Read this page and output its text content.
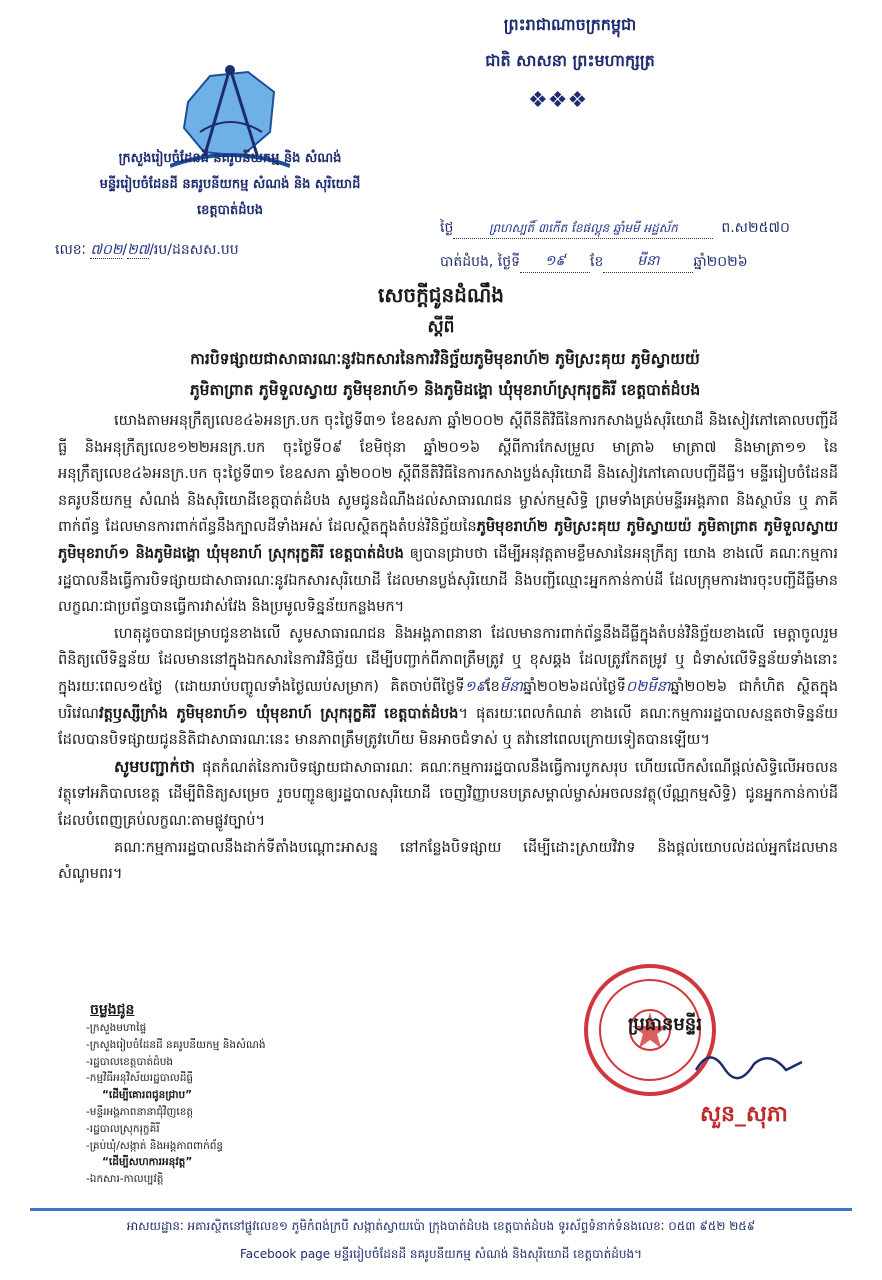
ព្រះរាជាណាចក្រកម្ពុជា
ជាតិ សាសនា ព្រះមហាក្សត្រ
❖❖❖
ក្រសួងរៀបចំដែនដី នគរូបនីយកម្ម និង សំណង់
មន្ទីររៀបចំដែនដី នគរូបនីយកម្ម សំណង់ និង សុរិយោដី
ខេត្តបាត់ដំបង
លេខៈ ៧០២/២៧/រប/ដនសស.បប
ថ្ងៃ	ព្រហស្បតិ៍ ៣កើត ខែផល្គុន ឆ្នាំមមី អដ្ឋស័ក	ព.ស២៥៧០
បាត់ដំបង, ថ្ងៃទី	១៩	ខែ	មីនា	ឆ្នាំ២០២៦
សេចក្តីជូនដំណឹង
ស្តីពី
ការបិទផ្សាយជាសាធារណៈនូវឯកសារនៃការវិនិច្ឆ័យភូមិមុខរាហ៍២ ភូមិស្រះគុយ ភូមិស្វាយយ៉
ភូមិតាព្រាត ភូមិទួលស្វាយ ភូមិមុខរាហ៍១ និងភូមិដង្គោ ឃុំមុខរាហ៍ស្រុករុក្ខគិរី ខេត្តបាត់ដំបង

យោងតាមអនុក្រឹត្យលេខ៤៦អនក្រ.បក ចុះថ្ងៃទី៣១ ខែឧសភា ឆ្នាំ២០០២ ស្តីពីនីតិវិធីនៃការកសាងប្លង់សុរិយោដី និងសៀវភៅគោលបញ្ជីដីធ្លី និងអនុក្រឹត្យលេខ១២២អនក្រ.បក ចុះថ្ងៃទី០៩ ខែមិថុនា ឆ្នាំ២០១៦ ស្តីពីការកែសម្រួល មាត្រា៦ មាត្រា៧ និងមាត្រា១១ នៃអនុក្រឹត្យលេខ៤៦អនក្រ.បក ចុះថ្ងៃទី៣១ ខែឧសភា ឆ្នាំ២០០២ ស្តីពីនីតិវិធីនៃការកសាងប្លង់សុរិយោដី និងសៀវភៅគោលបញ្ជីដីធ្លី។ មន្ទីររៀបចំដែនដី នគរូបនីយកម្ម សំណង់ និងសុរិយោដីខេត្តបាត់ដំបង សូមជូនដំណឹងដល់សាធារណជន ម្ចាស់កម្មសិទ្ធិ ព្រមទាំងគ្រប់មន្ទីរអង្គភាព និងស្ថាប័ន ឬ ភាគីពាក់ព័ន្ធ ដែលមានការពាក់ព័ន្ធនឹងក្បាលដីទាំងអស់ ដែលស្ថិតក្នុងតំបន់វិនិច្ឆ័យនៃភូមិមុខរាហ៍២ ភូមិស្រះគុយ ភូមិស្វាយយ៉ ភូមិតាព្រាត ភូមិទួលស្វាយ ភូមិមុខរាហ៍១ និងភូមិដង្គោ ឃុំមុខរាហ៍ ស្រុករុក្ខគិរី ខេត្តបាត់ដំបង ឲ្យបានជ្រាបថា ដើម្បីអនុវត្តតាមខ្លឹមសារនៃអនុក្រឹត្យ យោង ខាងលើ គណៈកម្មការរដ្ឋបាលនឹងធ្វើការបិទផ្សាយជាសាធារណៈនូវឯកសារសុរិយោដី ដែលមានប្លង់សុរិយោដី និងបញ្ជីឈ្មោះអ្នកកាន់កាប់ដី ដែលក្រុមការងារចុះបញ្ជីដីធ្លីមានលក្ខណៈជាប្រព័ន្ធបានធ្វើការវាស់វែង និងប្រមូលទិន្នន័យកន្លងមក។

ហេតុដូចបានជម្រាបជូនខាងលើ សូមសាធារណជន និងអង្គភាពនានា ដែលមានការពាក់ព័ន្ធនឹងដីធ្លីក្នុងតំបន់វិនិច្ឆ័យខាងលើ មេត្តាចូលរួមពិនិត្យលើទិន្នន័យ ដែលមាននៅក្នុងឯកសារនៃការវិនិច្ឆ័យ ដើម្បីបញ្ជាក់ពីភាពត្រឹមត្រូវ ឬ ខុសឆ្គង ដែលត្រូវកែតម្រូវ ឬ ជំទាស់លើទិន្នន័យទាំងនោះក្នុងរយៈពេល១៥ថ្ងៃ (ដោយរាប់បញ្ចូលទាំងថ្ងៃឈប់សម្រាក) គិតចាប់ពីថ្ងៃទី១៩ខែមីនាឆ្នាំ២០២៦ដល់ថ្ងៃទី០២មីនាឆ្នាំ២០២៦ ជាកំហិត ស្ថិតក្នុងបរិវេណវត្តឫស្សីក្រាំង ភូមិមុខរាហ៍១ ឃុំមុខរាហ៍ ស្រុករុក្ខគិរី ខេត្តបាត់ដំបង។ ផុតរយៈពេលកំណត់ ខាងលើ គណៈកម្មការរដ្ឋបាលសន្មតថាទិន្នន័យដែលបានបិទផ្សាយជូននិតិជាសាធារណៈនេះ មានភាពត្រឹមត្រូវហើយ មិនអាចជំទាស់ ឬ តវ៉ានៅពេលក្រោយទៀតបានឡើយ។

សូមបញ្ជាក់ថា ផុតកំណត់នៃការបិទផ្សាយជាសាធារណៈ គណៈកម្មការរដ្ឋបាលនឹងធ្វើការបូកសរុប ហើយលើកសំណើផ្តល់សិទ្ធិលើអចលនវត្ថុទៅអភិបាលខេត្ត ដើម្បីពិនិត្យសម្រេច រួចបញ្ជូនឲ្យរដ្ឋបាលសុរិយោដី ចេញវិញ្ញាបនបត្រសម្គាល់ម្ចាស់អចលនវត្ថុ(ប័ណ្ណកម្មសិទ្ធិ) ជូនអ្នកកាន់កាប់ដី ដែលបំពេញគ្រប់លក្ខណៈតាមផ្លូវច្បាប់។

គណៈកម្មការរដ្ឋបាលនឹងដាក់ទីតាំងបណ្តោះអាសន្ន នៅកន្លែងបិទផ្សាយ ដើម្បីដោះស្រាយវិវាទ និងផ្តល់យោបល់ដល់អ្នកដែលមានសំណូមពរ។

ប្រធានមន្ទីរ
សួន_សុភា
ចម្លងជូន
-ក្រសួងមហាផ្ទៃ
-ក្រសួងរៀបចំដែនដី នគរូបនីយកម្ម និងសំណង់
-រដ្ឋបាលខេត្តបាត់ដំបង
-កម្មវិធីអនុវិស័យរដ្ឋបាលដីធ្លី
“ដើម្បីគោរពជូនជ្រាប”
-មន្ទីរអង្គភាពនានាជុំវិញខេត្ត
-រដ្ឋបាលស្រុករុក្ខគិរី
-គ្រប់ឃុំ/សង្កាត់ និងអង្គភាពពាក់ព័ន្ធ
“ដើម្បីសហការអនុវត្ត”
-ឯកសារ-កាលប្បវត្តិ
អាសយដ្ឋានៈ អគារស្ថិតនៅផ្លូវលេខ១ ភូមិកំពង់ក្របី សង្កាត់ស្វាយប៉ោ ក្រុងបាត់ដំបង ខេត្តបាត់ដំបង ទូរស័ព្ទទំនាក់ទំនងលេខៈ ០៥៣ ៩៥២ ២៥៩
Facebook page មន្ទីររៀបចំដែនដី នគរូបនីយកម្ម សំណង់ និងសុរិយោដី ខេត្តបាត់ដំបង។
